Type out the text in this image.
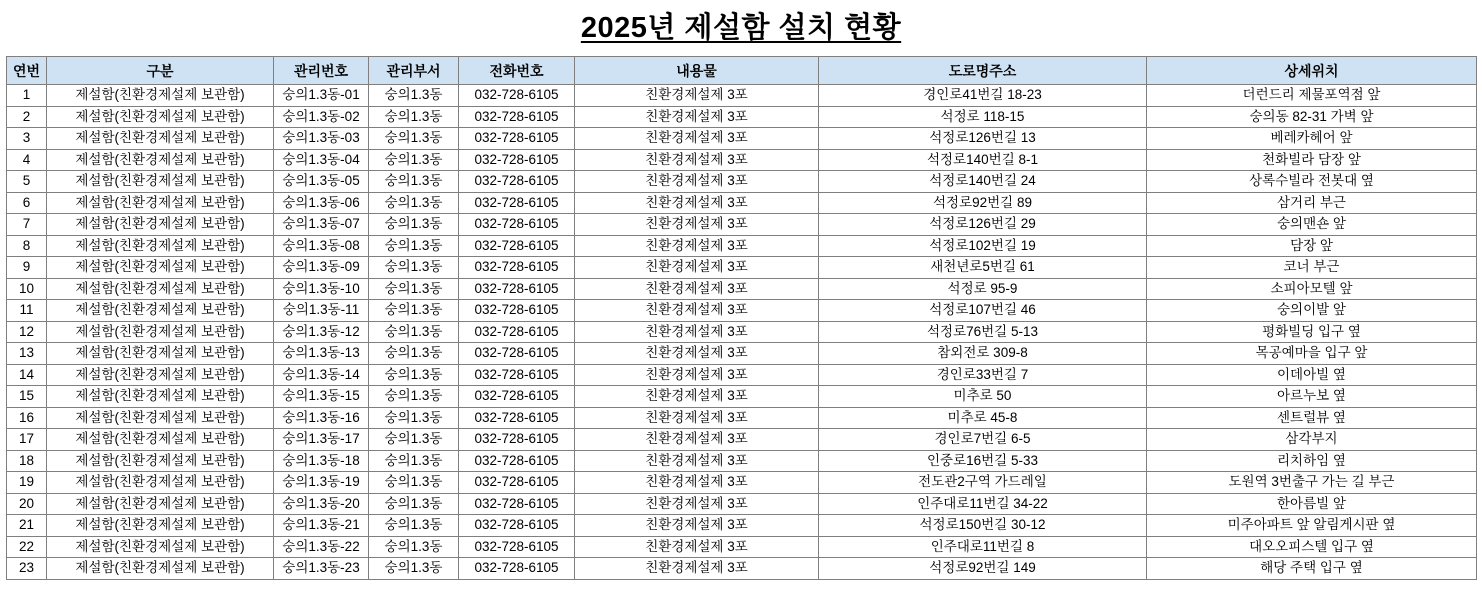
2025년 제설함 설치 현황
연번	구분	관리번호	관리부서	전화번호	내용물	도로명주소	상세위치
1	제설함(친환경제설제 보관함)	숭의1.3동-01	숭의1.3동	032-728-6105	친환경제설제 3포	경인로41번길 18-23	더런드리 제물포역점 앞
2	제설함(친환경제설제 보관함)	숭의1.3동-02	숭의1.3동	032-728-6105	친환경제설제 3포	석정로 118-15	숭의동 82-31 가벽 앞
3	제설함(친환경제설제 보관함)	숭의1.3동-03	숭의1.3동	032-728-6105	친환경제설제 3포	석정로126번길 13	베레카헤어 앞
4	제설함(친환경제설제 보관함)	숭의1.3동-04	숭의1.3동	032-728-6105	친환경제설제 3포	석정로140번길 8-1	천화빌라 담장 앞
5	제설함(친환경제설제 보관함)	숭의1.3동-05	숭의1.3동	032-728-6105	친환경제설제 3포	석정로140번길 24	상록수빌라 전봇대 옆
6	제설함(친환경제설제 보관함)	숭의1.3동-06	숭의1.3동	032-728-6105	친환경제설제 3포	석정로92번길 89	삼거리 부근
7	제설함(친환경제설제 보관함)	숭의1.3동-07	숭의1.3동	032-728-6105	친환경제설제 3포	석정로126번길 29	숭의맨숀 앞
8	제설함(친환경제설제 보관함)	숭의1.3동-08	숭의1.3동	032-728-6105	친환경제설제 3포	석정로102번길 19	담장 앞
9	제설함(친환경제설제 보관함)	숭의1.3동-09	숭의1.3동	032-728-6105	친환경제설제 3포	새천년로5번길 61	코너 부근
10	제설함(친환경제설제 보관함)	숭의1.3동-10	숭의1.3동	032-728-6105	친환경제설제 3포	석정로 95-9	소피아모텔 앞
11	제설함(친환경제설제 보관함)	숭의1.3동-11	숭의1.3동	032-728-6105	친환경제설제 3포	석정로107번길 46	숭의이발 앞
12	제설함(친환경제설제 보관함)	숭의1.3동-12	숭의1.3동	032-728-6105	친환경제설제 3포	석정로76번길 5-13	평화빌딩 입구 옆
13	제설함(친환경제설제 보관함)	숭의1.3동-13	숭의1.3동	032-728-6105	친환경제설제 3포	참외전로 309-8	목공예마을 입구 앞
14	제설함(친환경제설제 보관함)	숭의1.3동-14	숭의1.3동	032-728-6105	친환경제설제 3포	경인로33번길 7	이데아빌 옆
15	제설함(친환경제설제 보관함)	숭의1.3동-15	숭의1.3동	032-728-6105	친환경제설제 3포	미추로 50	아르누보 옆
16	제설함(친환경제설제 보관함)	숭의1.3동-16	숭의1.3동	032-728-6105	친환경제설제 3포	미추로 45-8	센트럴뷰 옆
17	제설함(친환경제설제 보관함)	숭의1.3동-17	숭의1.3동	032-728-6105	친환경제설제 3포	경인로7번길 6-5	삼각부지
18	제설함(친환경제설제 보관함)	숭의1.3동-18	숭의1.3동	032-728-6105	친환경제설제 3포	인중로16번길 5-33	리치하임 옆
19	제설함(친환경제설제 보관함)	숭의1.3동-19	숭의1.3동	032-728-6105	친환경제설제 3포	전도관2구역 가드레일	도원역 3번출구 가는 길 부근
20	제설함(친환경제설제 보관함)	숭의1.3동-20	숭의1.3동	032-728-6105	친환경제설제 3포	인주대로11번길 34-22	한아름빌 앞
21	제설함(친환경제설제 보관함)	숭의1.3동-21	숭의1.3동	032-728-6105	친환경제설제 3포	석정로150번길 30-12	미주아파트 앞 알림게시판 옆
22	제설함(친환경제설제 보관함)	숭의1.3동-22	숭의1.3동	032-728-6105	친환경제설제 3포	인주대로11번길 8	대오오피스텔 입구 옆
23	제설함(친환경제설제 보관함)	숭의1.3동-23	숭의1.3동	032-728-6105	친환경제설제 3포	석정로92번길 149	해당 주택 입구 옆
